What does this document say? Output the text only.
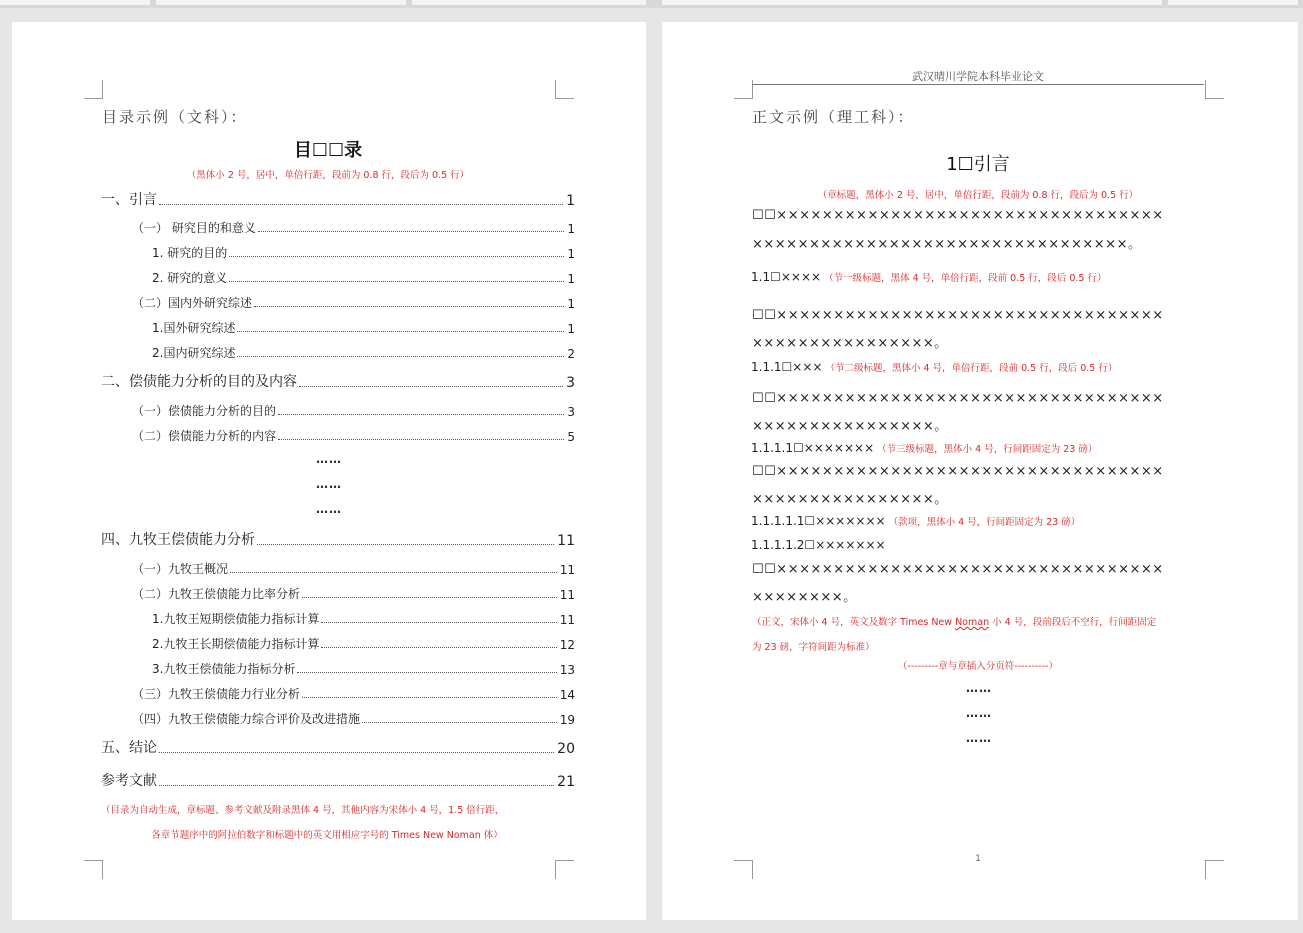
目录示例（文科）：
目☐☐录
（黑体小 2 号，居中，单倍行距，段前为 0.8 行，段后为 0.5 行）
一、引言	1
（一） 研究目的和意义	1
1. 研究的目的	1
2. 研究的意义	1
（二）国内外研究综述	1
1.国外研究综述	1
2.国内研究综述	2
二、偿债能力分析的目的及内容	3
（一）偿债能力分析的目的	3
（二）偿债能力分析的内容	5
……
……
……
四、九牧王偿债能力分析	11
（一）九牧王概况	11
（二）九牧王偿债能力比率分析	11
1.九牧王短期偿债能力指标计算	11
2.九牧王长期偿债能力指标计算	12
3.九牧王偿债能力指标分析	13
（三）九牧王偿债能力行业分析	14
（四）九牧王偿债能力综合评价及改进措施	19
五、结论	20
参考文献	21
（目录为自动生成，章标题、参考文献及附录黑体 4 号，其他内容为宋体小 4 号，1.5 倍行距，
各章节题序中的阿拉伯数字和标题中的英文用相应字号的 Times New Noman 体）
武汉晴川学院本科毕业论文
正文示例（理工科）：
1☐引言
（章标题，黑体小 2 号，居中，单倍行距，段前为 0.8 行，段后为 0.5 行）
☐☐××××××××××××××××××××××××××××××××××
×××××××××××××××××××××××××××××××××。
1.1☐×××× （节一级标题，黑体 4 号，单倍行距，段前 0.5 行，段后 0.5 行）
☐☐××××××××××××××××××××××××××××××××××
××××××××××××××××。
1.1.1☐××× （节二级标题，黑体小 4 号，单倍行距，段前 0.5 行，段后 0.5 行）
☐☐××××××××××××××××××××××××××××××××××
××××××××××××××××。
1.1.1.1☐××××××× （节三级标题，黑体小 4 号，行间距固定为 23 磅）
☐☐××××××××××××××××××××××××××××××××××
××××××××××××××××。
1.1.1.1.1☐××××××× （款项，黑体小 4 号，行间距固定为 23 磅）
1.1.1.1.2☐×××××××
☐☐××××××××××××××××××××××××××××××××××
××××××××。
（正文，宋体小 4 号，英文及数字 Times New Noman 小 4 号，段前段后不空行，行间距固定
为 23 磅，字符间距为标准）
（---------章与章插入分页符----------）
……
……
……
1
